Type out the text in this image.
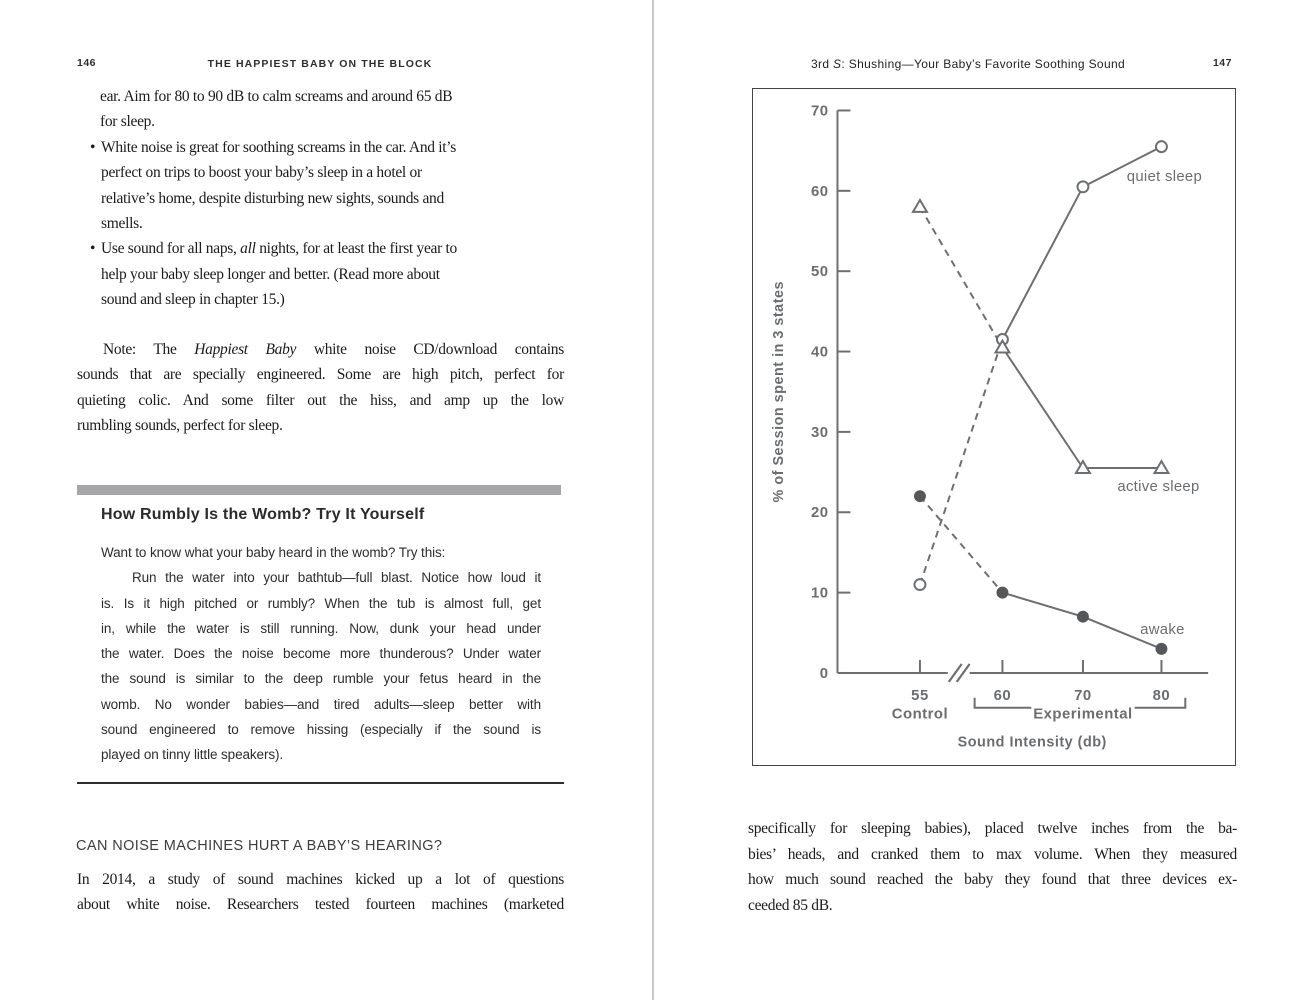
146	THE HAPPIEST BABY ON THE BLOCK
ear. Aim for 80 to 90 dB to calm screams and around 65 dB
for sleep.
• White noise is great for soothing screams in the car. And it’s
perfect on trips to boost your baby’s sleep in a hotel or
relative’s home, despite disturbing new sights, sounds and
smells.
• Use sound for all naps, all nights, for at least the first year to
help your baby sleep longer and better. (Read more about
sound and sleep in chapter 15.)
Note: The Happiest Baby white noise CD/download contains
sounds that are specially engineered. Some are high pitch, perfect for
quieting colic. And some filter out the hiss, and amp up the low
rumbling sounds, perfect for sleep.
How Rumbly Is the Womb? Try It Yourself
Want to know what your baby heard in the womb? Try this:
Run the water into your bathtub—full blast. Notice how loud it
is. Is it high pitched or rumbly? When the tub is almost full, get
in, while the water is still running. Now, dunk your head under
the water. Does the noise become more thunderous? Under water
the sound is similar to the deep rumble your fetus heard in the
womb. No wonder babies—and tired adults—sleep better with
sound engineered to remove hissing (especially if the sound is
played on tinny little speakers).
CAN NOISE MACHINES HURT A BABY’S HEARING?
In 2014, a study of sound machines kicked up a lot of questions
about white noise. Researchers tested fourteen machines (marketed
3rd S: Shushing—Your Baby’s Favorite Soothing Sound	147
70
60
50
40
30
20
10
0
55	60	70	80
Control	Experimental
Sound Intensity (db)
% of Session spent in 3 states
quiet sleep
active sleep
awake
specifically for sleeping babies), placed twelve inches from the ba-
bies’ heads, and cranked them to max volume. When they measured
how much sound reached the baby they found that three devices ex-
ceeded 85 dB.
